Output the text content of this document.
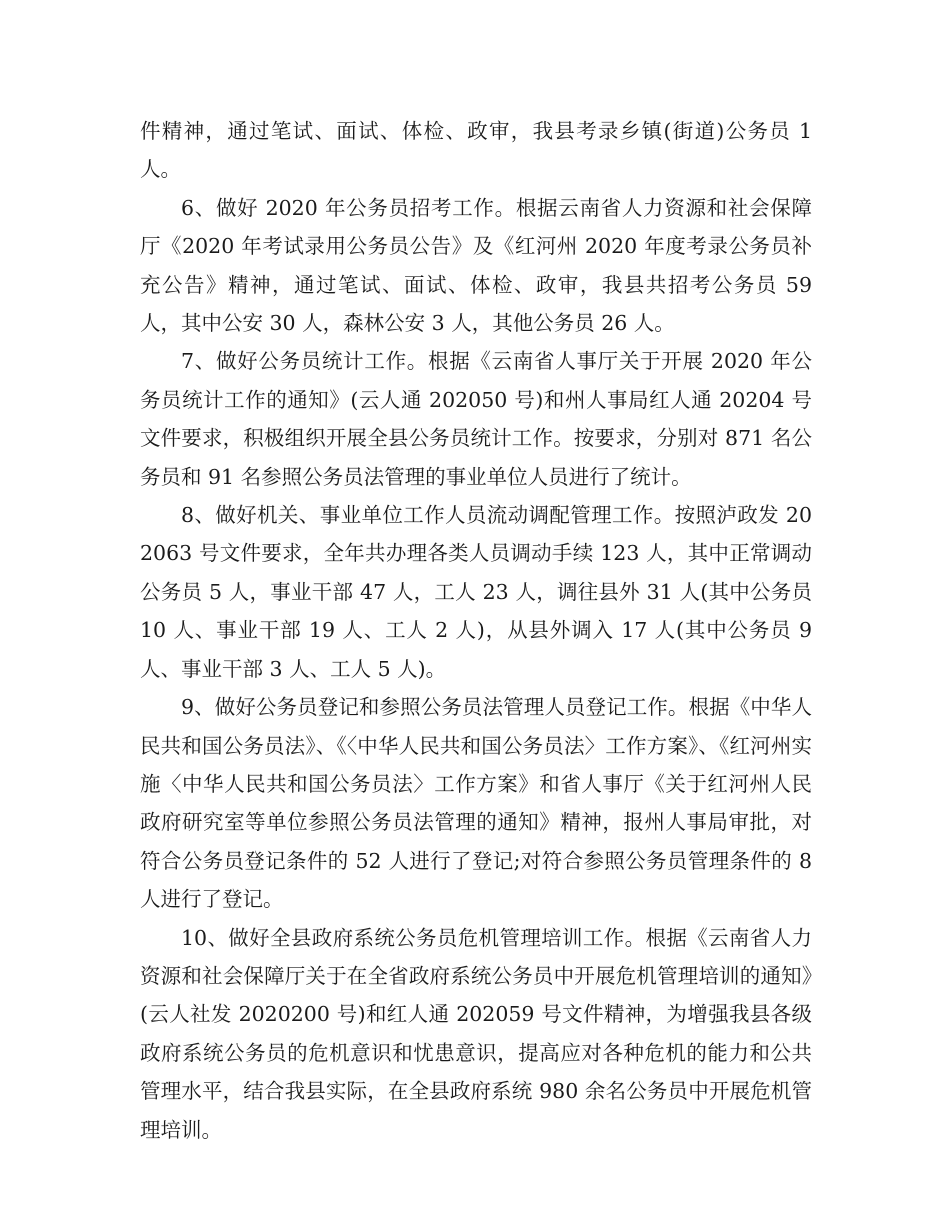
件精神，通过笔试、面试、体检、政审，我县考录乡镇(街道)公务员 1 人。

6、做好 2020 年公务员招考工作。根据云南省人力资源和社会保障厅《2020 年考试录用公务员公告》及《红河州 2020 年度考录公务员补充公告》精神，通过笔试、面试、体检、政审，我县共招考公务员 59 人，其中公安 30 人，森林公安 3 人，其他公务员 26 人。

7、做好公务员统计工作。根据《云南省人事厅关于开展 2020 年公务员统计工作的通知》(云人通 202050 号)和州人事局红人通 20204 号文件要求，积极组织开展全县公务员统计工作。按要求，分别对 871 名公务员和 91 名参照公务员法管理的事业单位人员进行了统计。

8、做好机关、事业单位工作人员流动调配管理工作。按照泸政发 202063 号文件要求，全年共办理各类人员调动手续 123 人，其中正常调动公务员 5 人，事业干部 47 人，工人 23 人，调往县外 31 人(其中公务员 10 人、事业干部 19 人、工人 2 人)，从县外调入 17 人(其中公务员 9 人、事业干部 3 人、工人 5 人)。

9、做好公务员登记和参照公务员法管理人员登记工作。根据《中华人民共和国公务员法》、《〈中华人民共和国公务员法〉工作方案》、《红河州实施〈中华人民共和国公务员法〉工作方案》和省人事厅《关于红河州人民政府研究室等单位参照公务员法管理的通知》精神，报州人事局审批，对符合公务员登记条件的 52 人进行了登记;对符合参照公务员管理条件的 8 人进行了登记。

10、做好全县政府系统公务员危机管理培训工作。根据《云南省人力资源和社会保障厅关于在全省政府系统公务员中开展危机管理培训的通知》(云人社发 2020200 号)和红人通 202059 号文件精神，为增强我县各级政府系统公务员的危机意识和忧患意识，提高应对各种危机的能力和公共管理水平，结合我县实际，在全县政府系统 980 余名公务员中开展危机管理培训。
